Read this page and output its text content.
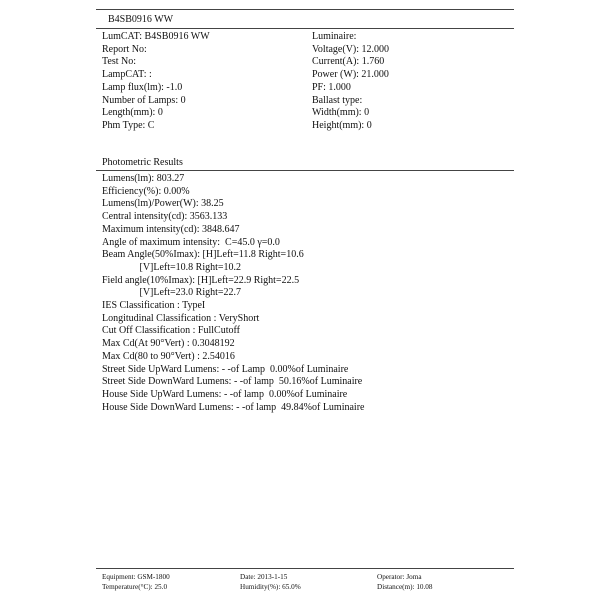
B4SB0916 WW
LumCAT: B4SB0916 WW
Report No:
Test No:
LampCAT: :
Lamp flux(lm): -1.0
Number of Lamps: 0
Length(mm): 0
Phm Type: C
Luminaire:
Voltage(V): 12.000
Current(A): 1.760
Power (W): 21.000
PF: 1.000
Ballast type:
Width(mm): 0
Height(mm): 0
Photometric Results
Lumens(lm): 803.27
Efficiency(%): 0.00%
Lumens(lm)/Power(W): 38.25
Central intensity(cd): 3563.133
Maximum intensity(cd): 3848.647
Angle of maximum intensity:  C=45.0 γ=0.0
Beam Angle(50%Imax): [H]Left=11.8 Right=10.6
[V]Left=10.8 Right=10.2
Field angle(10%Imax): [H]Left=22.9 Right=22.5
[V]Left=23.0 Right=22.7
IES Classification : TypeI
Longitudinal Classification : VeryShort
Cut Off Classification : FullCutoff
Max Cd(At 90°Vert) : 0.3048192
Max Cd(80 to 90°Vert) : 2.54016
Street Side UpWard Lumens: - -of Lamp  0.00%of Luminaire
Street Side DownWard Lumens: - -of lamp  50.16%of Luminaire
House Side UpWard Lumens: - -of lamp  0.00%of Luminaire
House Side DownWard Lumens: - -of lamp  49.84%of Luminaire
Equipment: GSM-1800
Temperature(°C): 25.0
Date: 2013-1-15
Humidity(%): 65.0%
Operator: Joma
Distance(m): 10.08
